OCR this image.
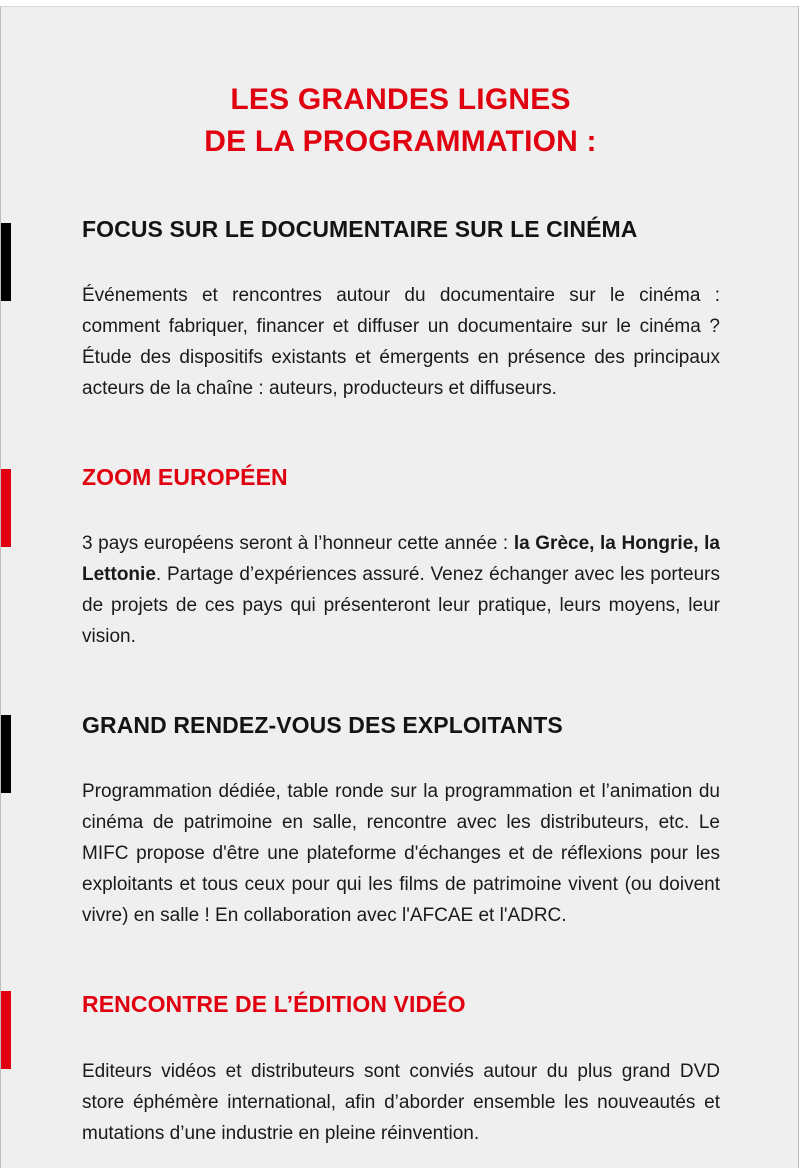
LES GRANDES LIGNES
DE LA PROGRAMMATION :
FOCUS SUR LE DOCUMENTAIRE SUR LE CINÉMA

Événements et rencontres autour du documentaire sur le cinéma : comment fabriquer, financer et diffuser un documentaire sur le cinéma ? Étude des dispositifs existants et émergents en présence des principaux acteurs de la chaîne : auteurs, producteurs et diffuseurs.

ZOOM EUROPÉEN

3 pays européens seront à l’honneur cette année : la Grèce, la Hongrie, la Lettonie. Partage d’expériences assuré. Venez échanger avec les porteurs de projets de ces pays qui présenteront leur pratique, leurs moyens, leur vision.

GRAND RENDEZ-VOUS DES EXPLOITANTS

Programmation dédiée, table ronde sur la programmation et l’animation du cinéma de patrimoine en salle, rencontre avec les distributeurs, etc. Le MIFC propose d'être une plateforme d'échanges et de réflexions pour les exploitants et tous ceux pour qui les films de patrimoine vivent (ou doivent vivre) en salle ! En collaboration avec l'AFCAE et l'ADRC.

RENCONTRE DE L’ÉDITION VIDÉO

Editeurs vidéos et distributeurs sont conviés autour du plus grand DVD store éphémère international, afin d’aborder ensemble les nouveautés et mutations d’une industrie en pleine réinvention.
